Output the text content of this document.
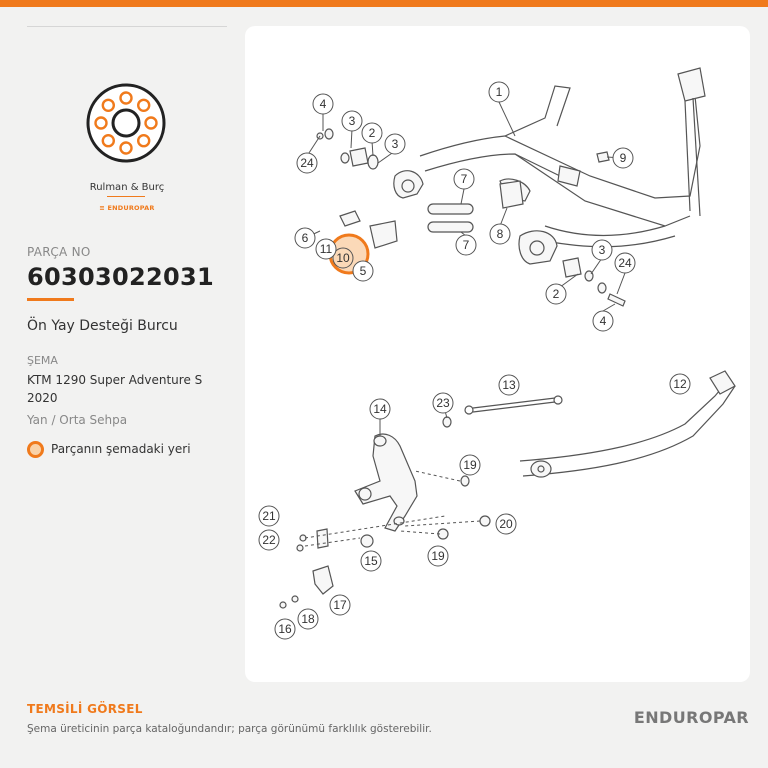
Rulman & Burç
≡ ENDUROPAR
PARÇA NO
60303022031
Ön Yay Desteği Burcu
ŞEMA
KTM 1290 Super Adventure S
2020
Yan / Orta Sehpa
Parçanın şemadaki yeri
1
2
2
3
3
3
4
4
5
6
7
7
8
9
10
11
12
13
14
15
16
17
18
19
19
20
21
22
23
24
24
TEMSİLİ GÖRSEL
Şema üreticinin parça kataloğundandır; parça görünümü farklılık gösterebilir.
ENDUROPAR
